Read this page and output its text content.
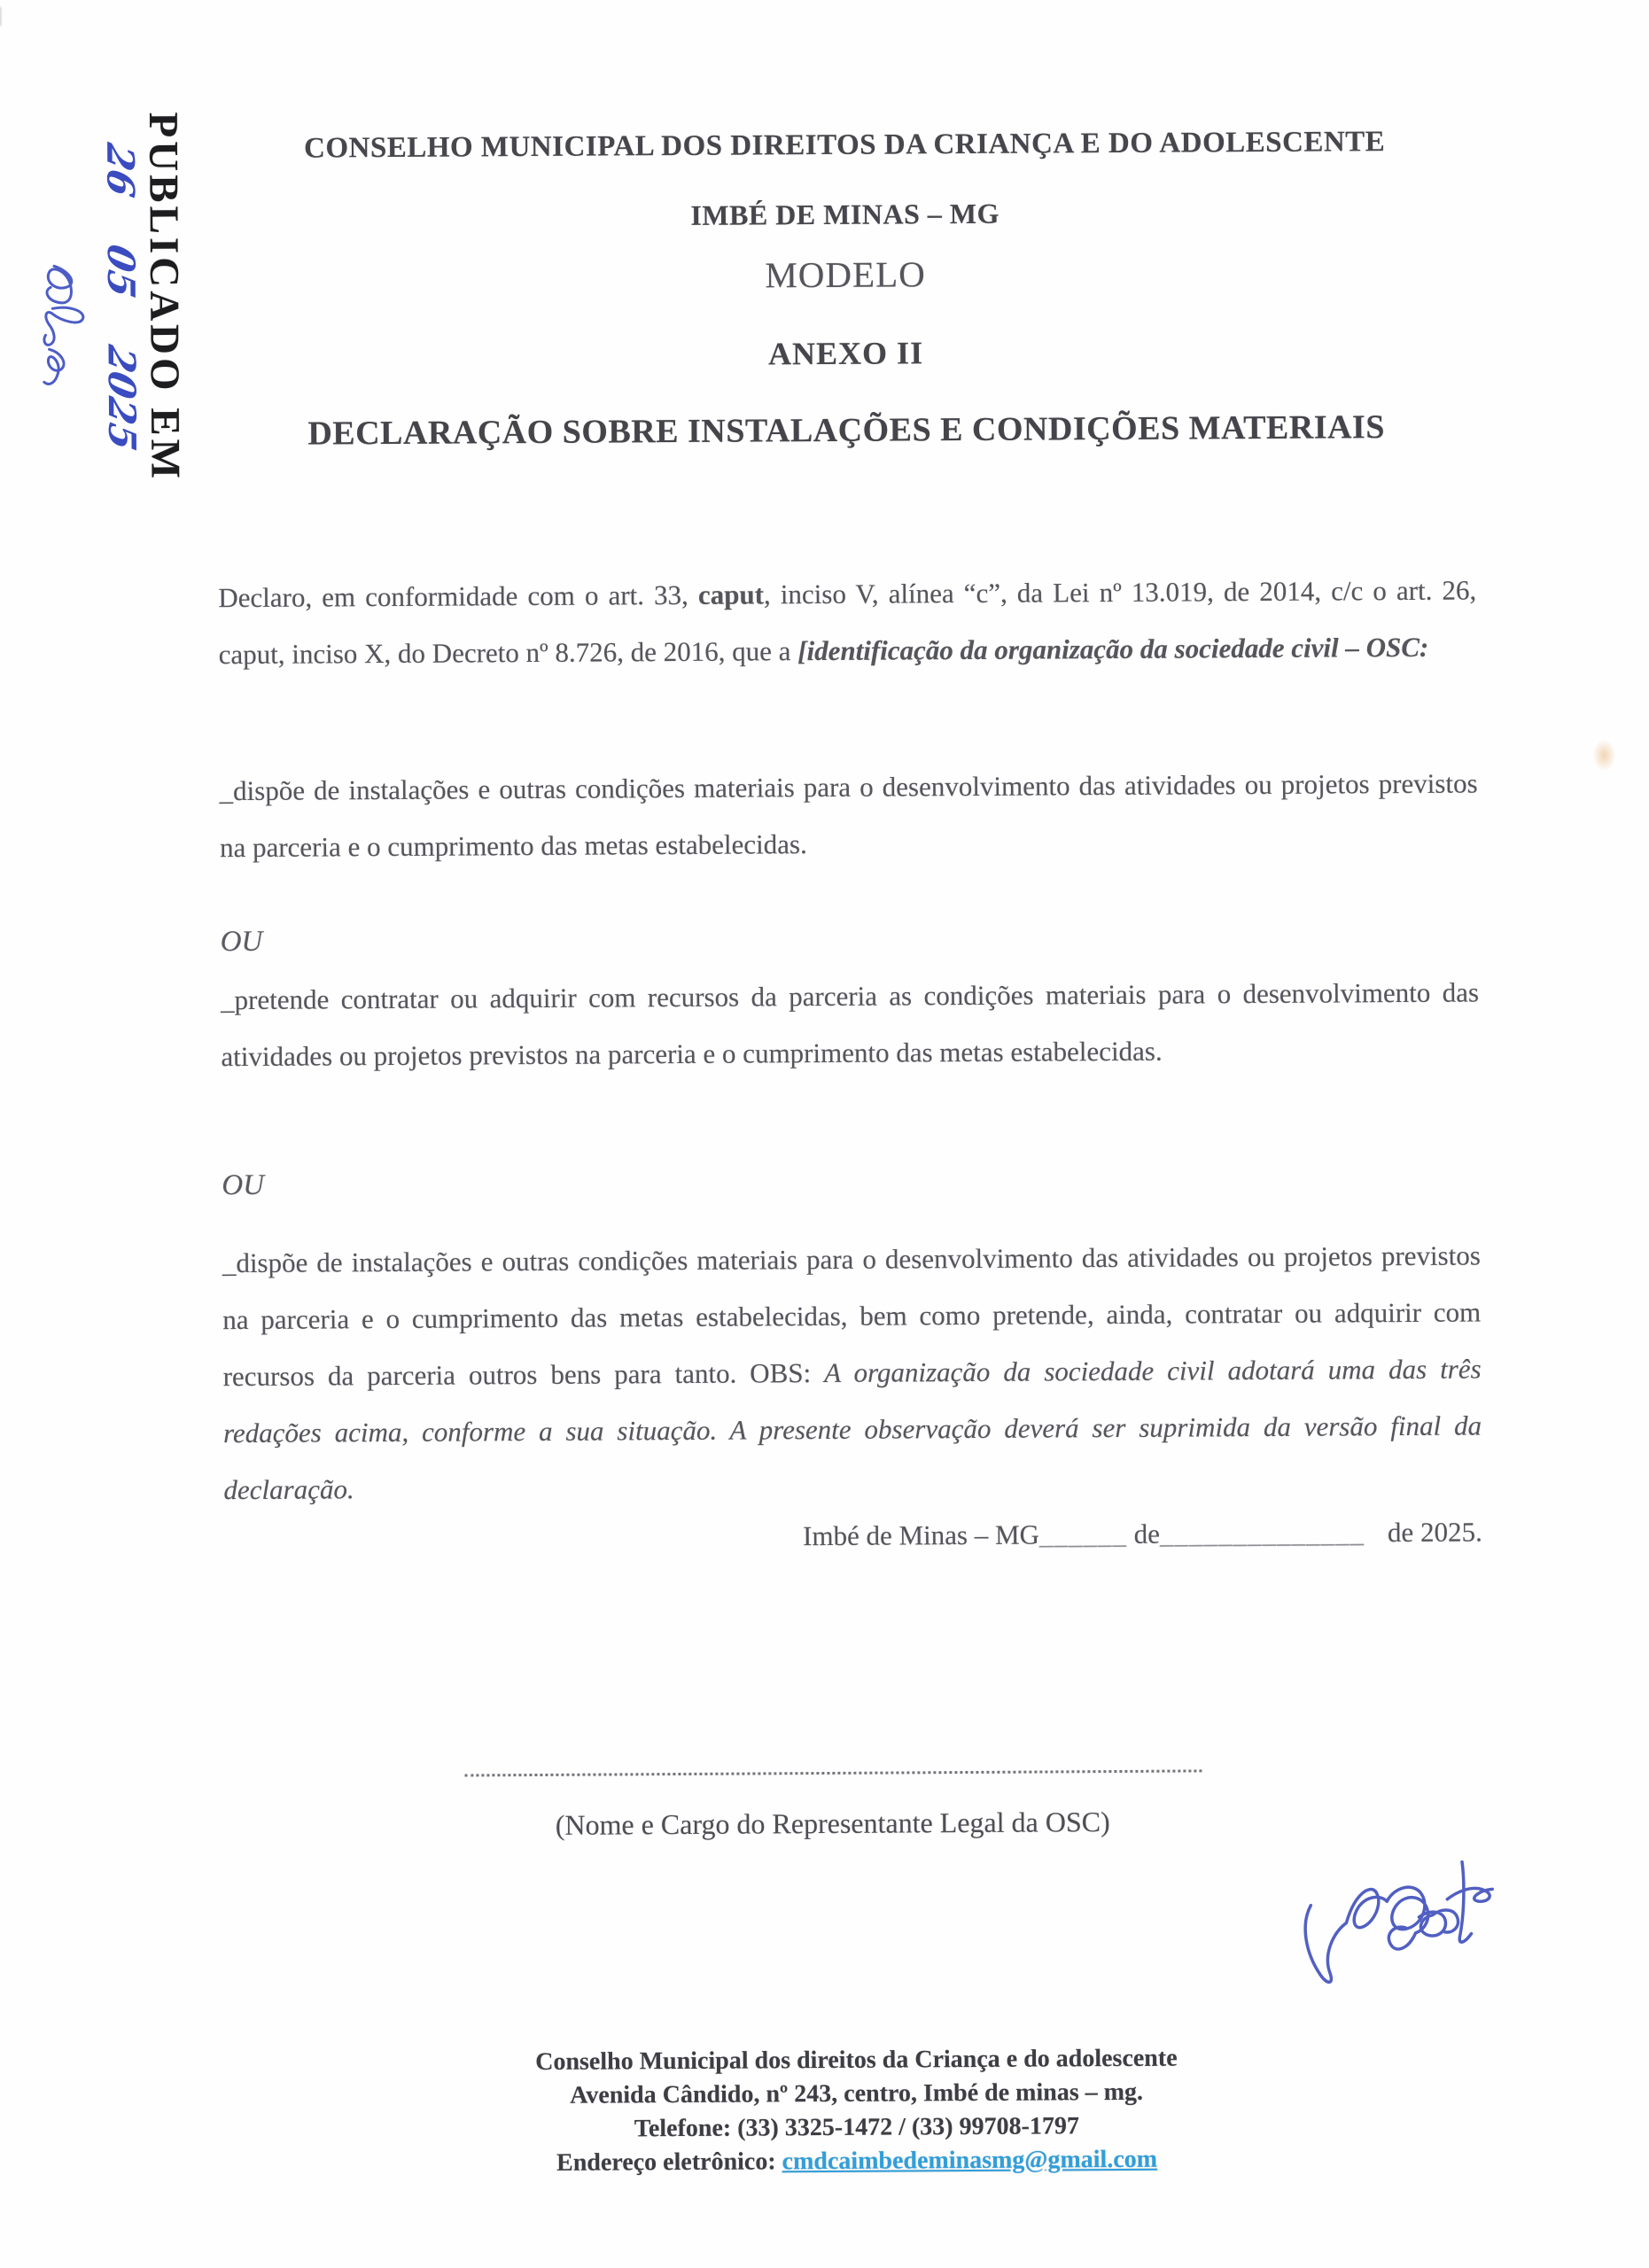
PUBLICADO EM
26
05
2025
CONSELHO MUNICIPAL DOS DIREITOS DA CRIANÇA E DO ADOLESCENTE
IMBÉ DE MINAS – MG
MODELO
ANEXO II
DECLARAÇÃO SOBRE INSTALAÇÕES E CONDIÇÕES MATERIAIS

Declaro, em conformidade com o art. 33, caput, inciso V, alínea “c”, da Lei nº 13.019, de 2014, c/c o art. 26, caput, inciso X, do Decreto nº 8.726, de 2016, que a [identificação da organização da sociedade civil – OSC:

_dispõe de instalações e outras condições materiais para o desenvolvimento das atividades ou projetos previstos na parceria e o cumprimento das metas estabelecidas.

OU

_pretende contratar ou adquirir com recursos da parceria as condições materiais para o desenvolvimento das atividades ou projetos previstos na parceria e o cumprimento das metas estabelecidas.

OU

_dispõe de instalações e outras condições materiais para o desenvolvimento das atividades ou projetos previstos na parceria e o cumprimento das metas estabelecidas, bem como pretende, ainda, contratar ou adquirir com recursos da parceria outros bens para tanto. OBS: A organização da sociedade civil adotará uma das três redações acima, conforme a sua situação. A presente observação deverá ser suprimida da versão final da declaração.

Imbé de Minas – MG______ de______________ de 2025.
(Nome e Cargo do Representante Legal da OSC)
Conselho Municipal dos direitos da Criança e do adolescente
Avenida Cândido, nº 243, centro, Imbé de minas – mg.
Telefone: (33) 3325-1472 / (33) 99708-1797
Endereço eletrônico: cmdcaimbedeminasmg@gmail.com
